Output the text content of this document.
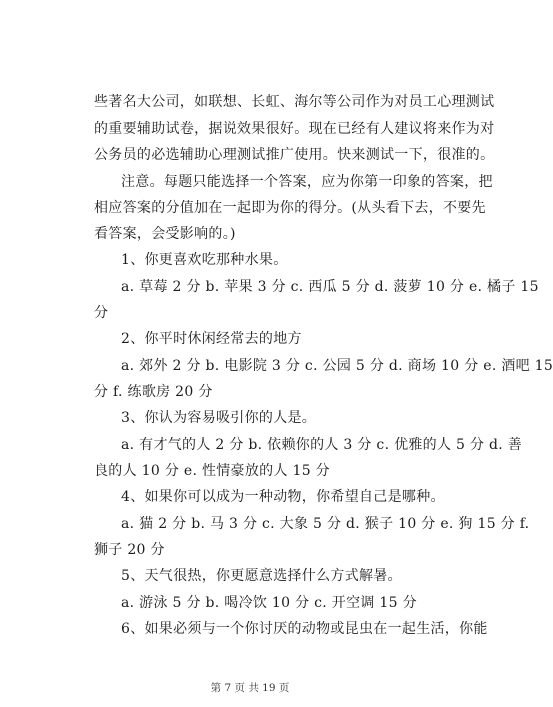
些著名大公司，如联想、长虹、海尔等公司作为对员工心理测试

的重要辅助试卷，据说效果很好。现在已经有人建议将来作为对

公务员的必选辅助心理测试推广使用。快来测试一下，很准的。

注意。每题只能选择一个答案，应为你第一印象的答案，把

相应答案的分值加在一起即为你的得分。(从头看下去，不要先

看答案，会受影响的。)

1、你更喜欢吃那种水果。

a. 草莓 2 分 b. 苹果 3 分 c. 西瓜 5 分 d. 菠萝 10 分 e. 橘子 15

分

2、你平时休闲经常去的地方

a. 郊外 2 分 b. 电影院 3 分 c. 公园 5 分 d. 商场 10 分 e. 酒吧 15

分 f. 练歌房 20 分

3、你认为容易吸引你的人是。

a. 有才气的人 2 分 b. 依赖你的人 3 分 c. 优雅的人 5 分 d. 善

良的人 10 分 e. 性情豪放的人 15 分

4、如果你可以成为一种动物，你希望自己是哪种。

a. 猫 2 分 b. 马 3 分 c. 大象 5 分 d. 猴子 10 分 e. 狗 15 分 f.

狮子 20 分

5、天气很热，你更愿意选择什么方式解暑。

a. 游泳 5 分 b. 喝冷饮 10 分 c. 开空调 15 分

6、如果必须与一个你讨厌的动物或昆虫在一起生活，你能

第 7 页 共 19 页
